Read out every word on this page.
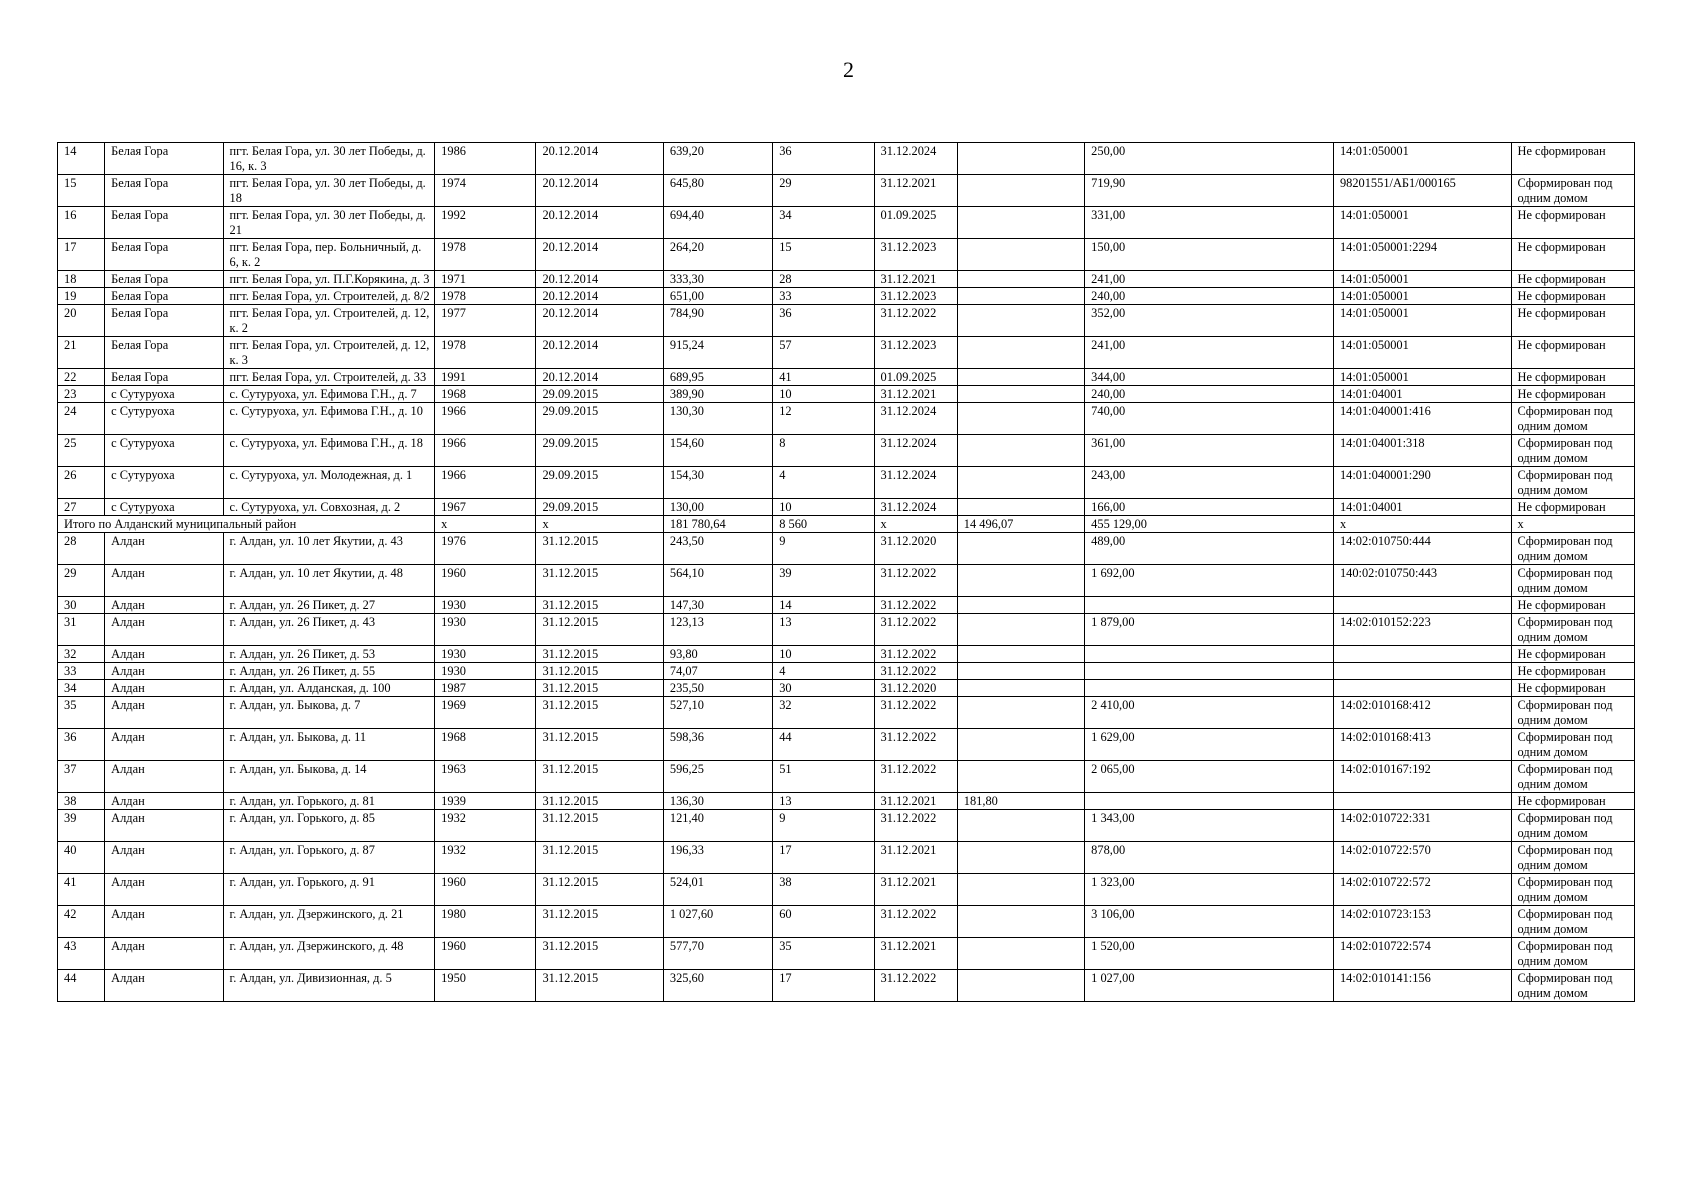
2
14	Белая Гора	пгт. Белая Гора, ул. 30 лет Победы, д. 16, к. 3	1986	20.12.2014	639,20	36	31.12.2024		250,00	14:01:050001	Не сформирован
15	Белая Гора	пгт. Белая Гора, ул. 30 лет Победы, д. 18	1974	20.12.2014	645,80	29	31.12.2021		719,90	98201551/АБ1/000165	Сформирован под одним домом
16	Белая Гора	пгт. Белая Гора, ул. 30 лет Победы, д. 21	1992	20.12.2014	694,40	34	01.09.2025		331,00	14:01:050001	Не сформирован
17	Белая Гора	пгт. Белая Гора, пер. Больничный, д. 6, к. 2	1978	20.12.2014	264,20	15	31.12.2023		150,00	14:01:050001:2294	Не сформирован
18	Белая Гора	пгт. Белая Гора, ул. П.Г.Корякина, д. 3	1971	20.12.2014	333,30	28	31.12.2021		241,00	14:01:050001	Не сформирован
19	Белая Гора	пгт. Белая Гора, ул. Строителей, д. 8/2	1978	20.12.2014	651,00	33	31.12.2023		240,00	14:01:050001	Не сформирован
20	Белая Гора	пгт. Белая Гора, ул. Строителей, д. 12, к. 2	1977	20.12.2014	784,90	36	31.12.2022		352,00	14:01:050001	Не сформирован
21	Белая Гора	пгт. Белая Гора, ул. Строителей, д. 12, к. 3	1978	20.12.2014	915,24	57	31.12.2023		241,00	14:01:050001	Не сформирован
22	Белая Гора	пгт. Белая Гора, ул. Строителей, д. 33	1991	20.12.2014	689,95	41	01.09.2025		344,00	14:01:050001	Не сформирован
23	с Сутуруоха	с. Сутуруоха, ул. Ефимова Г.Н., д. 7	1968	29.09.2015	389,90	10	31.12.2021		240,00	14:01:04001	Не сформирован
24	с Сутуруоха	с. Сутуруоха, ул. Ефимова Г.Н., д. 10	1966	29.09.2015	130,30	12	31.12.2024		740,00	14:01:040001:416	Сформирован под одним домом
25	с Сутуруоха	с. Сутуруоха, ул. Ефимова Г.Н., д. 18	1966	29.09.2015	154,60	8	31.12.2024		361,00	14:01:04001:318	Сформирован под одним домом
26	с Сутуруоха	с. Сутуруоха, ул. Молодежная, д. 1	1966	29.09.2015	154,30	4	31.12.2024		243,00	14:01:040001:290	Сформирован под одним домом
27	с Сутуруоха	с. Сутуруоха, ул. Совхозная, д. 2	1967	29.09.2015	130,00	10	31.12.2024		166,00	14:01:04001	Не сформирован
Итого по Алданский муниципальный район			х	х	181 780,64	8 560	х	14 496,07	455 129,00	х	х
28	Алдан	г. Алдан, ул. 10 лет Якутии, д. 43	1976	31.12.2015	243,50	9	31.12.2020		489,00	14:02:010750:444	Сформирован под одним домом
29	Алдан	г. Алдан, ул. 10 лет Якутии, д. 48	1960	31.12.2015	564,10	39	31.12.2022		1 692,00	140:02:010750:443	Сформирован под одним домом
30	Алдан	г. Алдан, ул. 26 Пикет, д. 27	1930	31.12.2015	147,30	14	31.12.2022				Не сформирован
31	Алдан	г. Алдан, ул. 26 Пикет, д. 43	1930	31.12.2015	123,13	13	31.12.2022		1 879,00	14:02:010152:223	Сформирован под одним домом
32	Алдан	г. Алдан, ул. 26 Пикет, д. 53	1930	31.12.2015	93,80	10	31.12.2022				Не сформирован
33	Алдан	г. Алдан, ул. 26 Пикет, д. 55	1930	31.12.2015	74,07	4	31.12.2022				Не сформирован
34	Алдан	г. Алдан, ул. Алданская, д. 100	1987	31.12.2015	235,50	30	31.12.2020				Не сформирован
35	Алдан	г. Алдан, ул. Быкова, д. 7	1969	31.12.2015	527,10	32	31.12.2022		2 410,00	14:02:010168:412	Сформирован под одним домом
36	Алдан	г. Алдан, ул. Быкова, д. 11	1968	31.12.2015	598,36	44	31.12.2022		1 629,00	14:02:010168:413	Сформирован под одним домом
37	Алдан	г. Алдан, ул. Быкова, д. 14	1963	31.12.2015	596,25	51	31.12.2022		2 065,00	14:02:010167:192	Сформирован под одним домом
38	Алдан	г. Алдан, ул. Горького, д. 81	1939	31.12.2015	136,30	13	31.12.2021	181,80			Не сформирован
39	Алдан	г. Алдан, ул. Горького, д. 85	1932	31.12.2015	121,40	9	31.12.2022		1 343,00	14:02:010722:331	Сформирован под одним домом
40	Алдан	г. Алдан, ул. Горького, д. 87	1932	31.12.2015	196,33	17	31.12.2021		878,00	14:02:010722:570	Сформирован под одним домом
41	Алдан	г. Алдан, ул. Горького, д. 91	1960	31.12.2015	524,01	38	31.12.2021		1 323,00	14:02:010722:572	Сформирован под одним домом
42	Алдан	г. Алдан, ул. Дзержинского, д. 21	1980	31.12.2015	1 027,60	60	31.12.2022		3 106,00	14:02:010723:153	Сформирован под одним домом
43	Алдан	г. Алдан, ул. Дзержинского, д. 48	1960	31.12.2015	577,70	35	31.12.2021		1 520,00	14:02:010722:574	Сформирован под одним домом
44	Алдан	г. Алдан, ул. Дивизионная, д. 5	1950	31.12.2015	325,60	17	31.12.2022		1 027,00	14:02:010141:156	Сформирован под одним домом
